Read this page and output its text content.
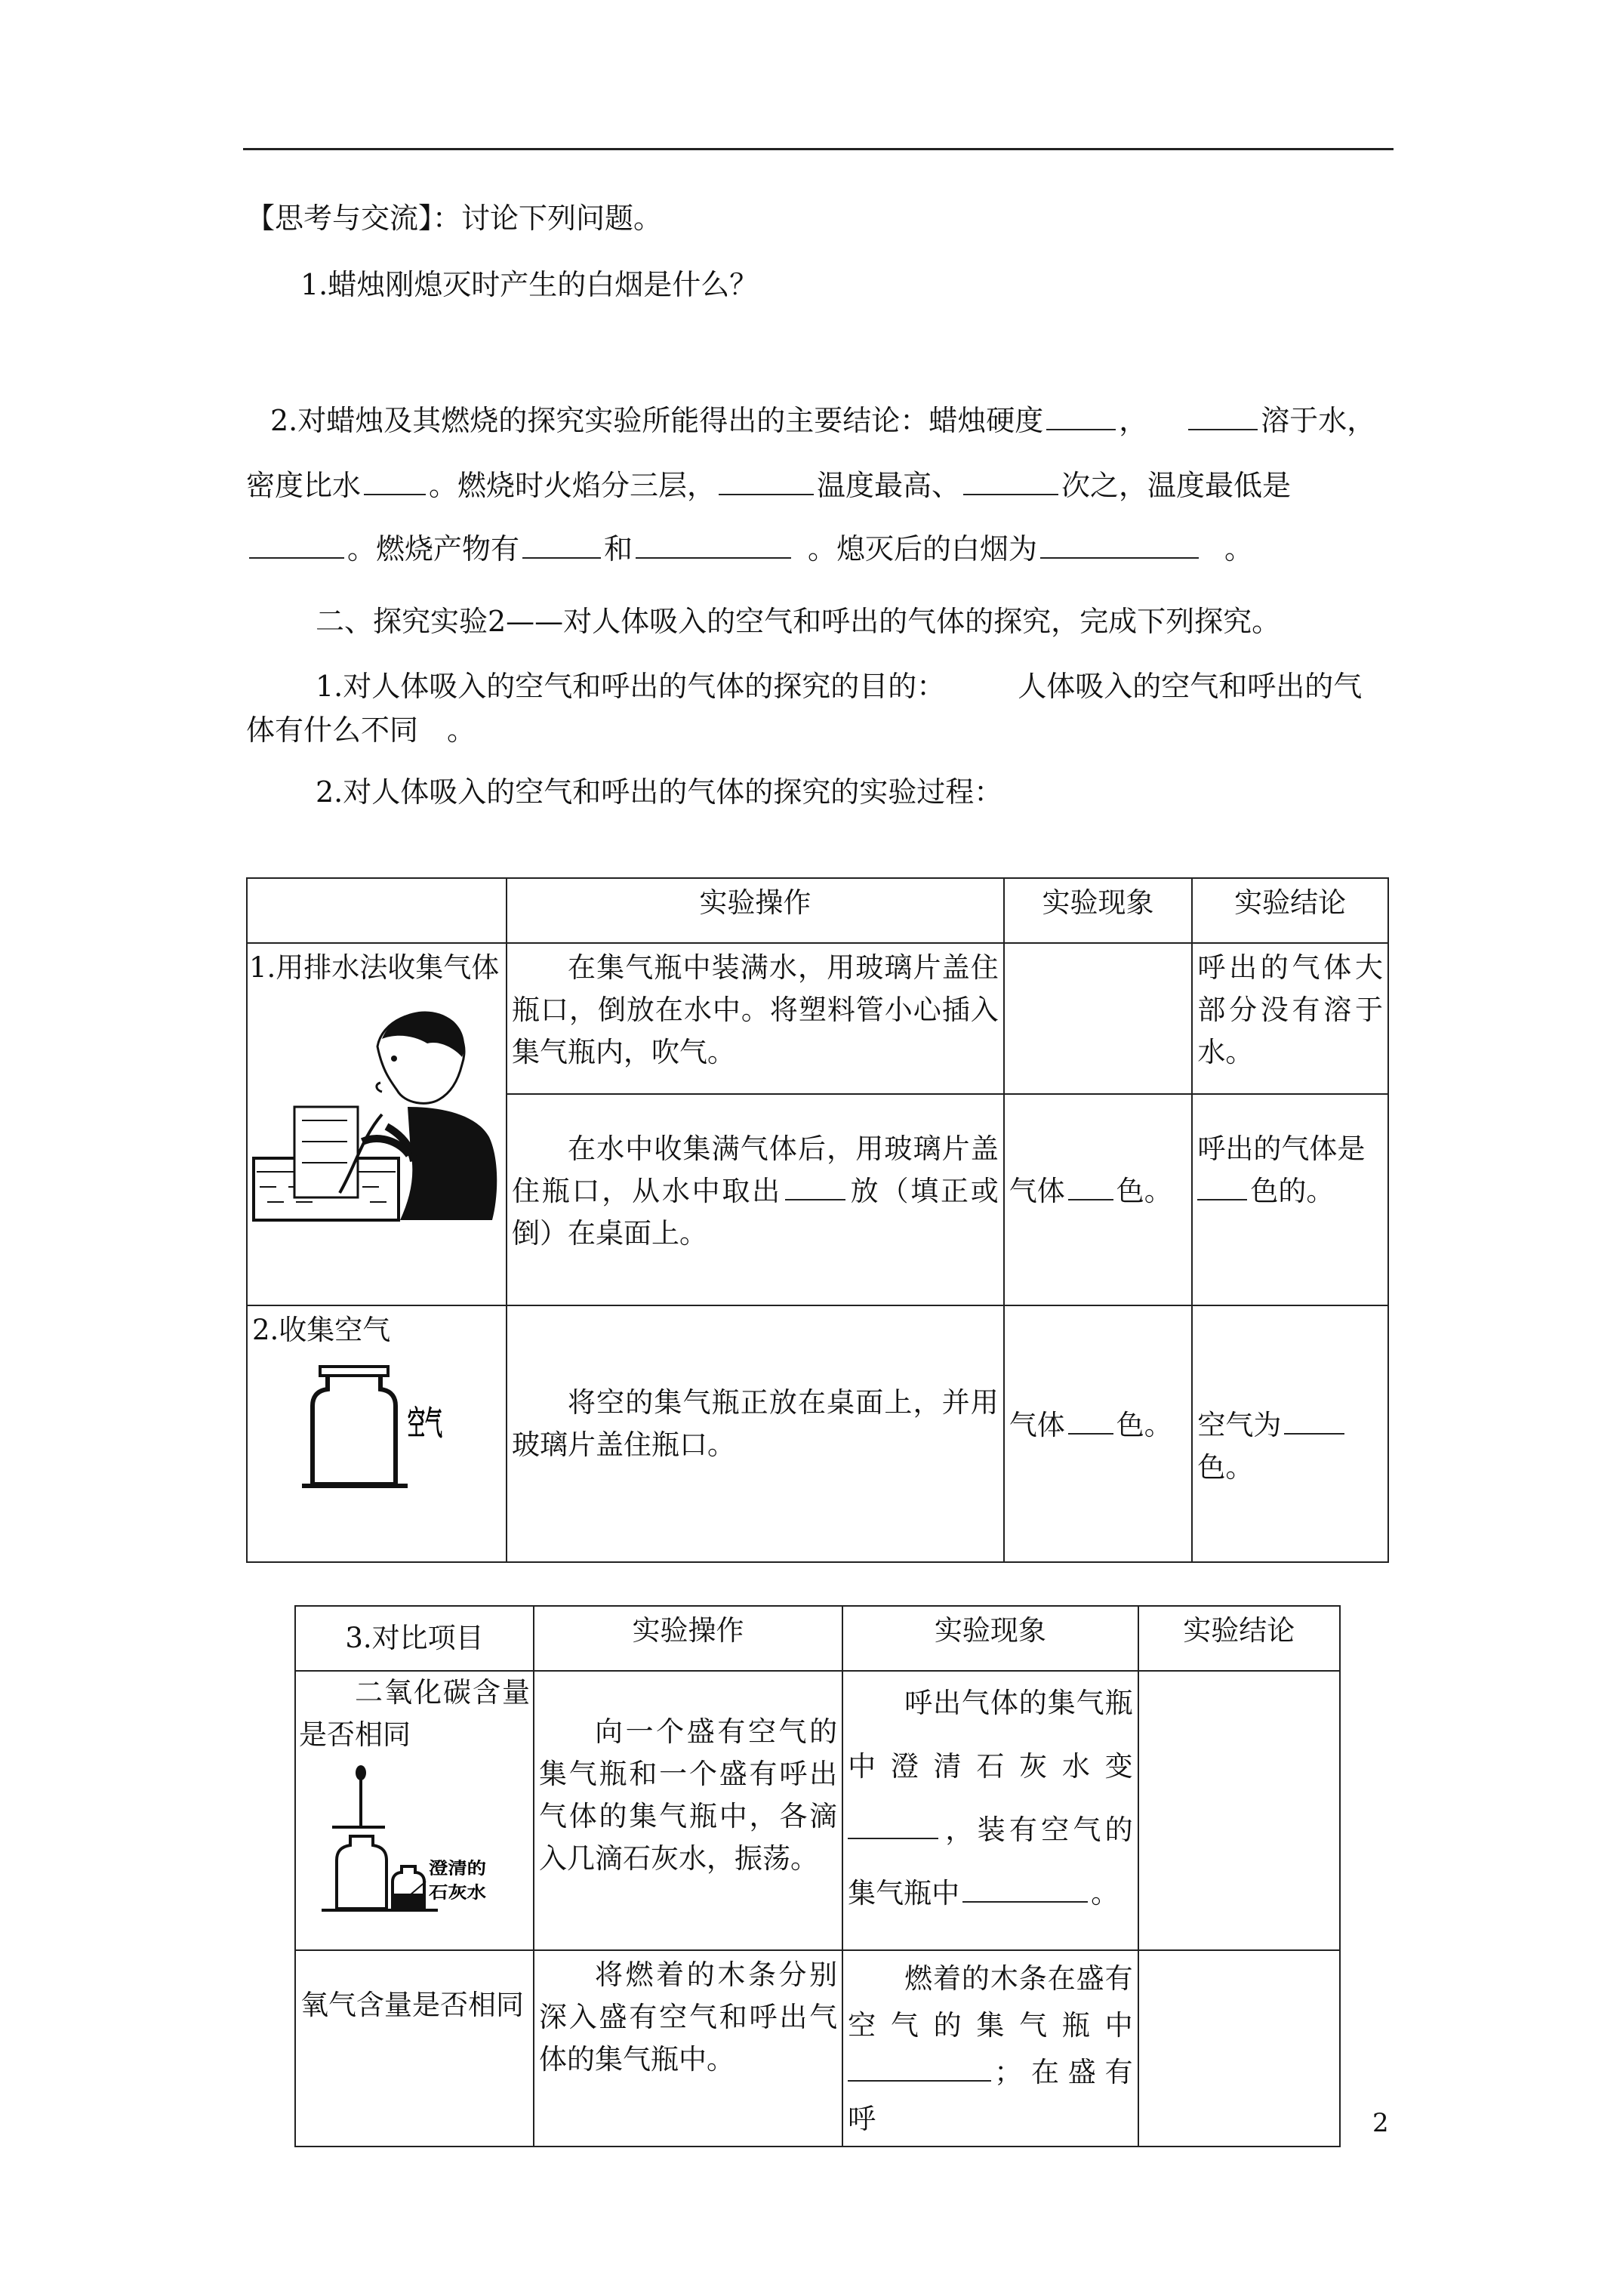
【思考与交流】：讨论下列问题。
1.蜡烛刚熄灭时产生的白烟是什么？
2.对蜡烛及其燃烧的探究实验所能得出的主要结论：蜡烛硬度	，	溶于水，
密度比水 。燃烧时火焰分三层，	温度最高、	次之，温度最低是
。燃烧产物有	和	。熄灭后的白烟为	。
二、探究实验2——对人体吸入的空气和呼出的气体的探究，完成下列探究。
1.对人体吸入的空气和呼出的气体的探究的目的：	人体吸入的空气和呼出的气
体有什么不同　。
2.对人体吸入的空气和呼出的气体的探究的实验过程：
	实验操作	实验现象	实验结论

1.用排水法收集气体	在集气瓶中装满水，用玻璃片盖住瓶口，倒放在水中。将塑料管小心插入集气瓶内，吹气。		呼出的气体大部分没有溶于水。
	在水中收集满气体后，用玻璃片盖住瓶口，从水中取出 放（填正或倒）在桌面上。	气体 色。	呼出的气体是
色的。

2.收集空气
空气	将空的集气瓶正放在桌面上，并用玻璃片盖住瓶口。	气体 色。	空气为色。
3.对比项目	实验操作	实验现象	实验结论

二氧化碳含量是否相同
澄清的
石灰水	向一个盛有空气的集气瓶和一个盛有呼出气体的集气瓶中，各滴入几滴石灰水，振荡。	呼出气体的集气瓶中澄清石灰水变，装有空气的集气瓶中 。	
氧气含量是否相同	将燃着的木条分别深入盛有空气和呼出气体的集气瓶中。	燃着的木条在盛有空气的集气瓶中；在盛有呼		2
